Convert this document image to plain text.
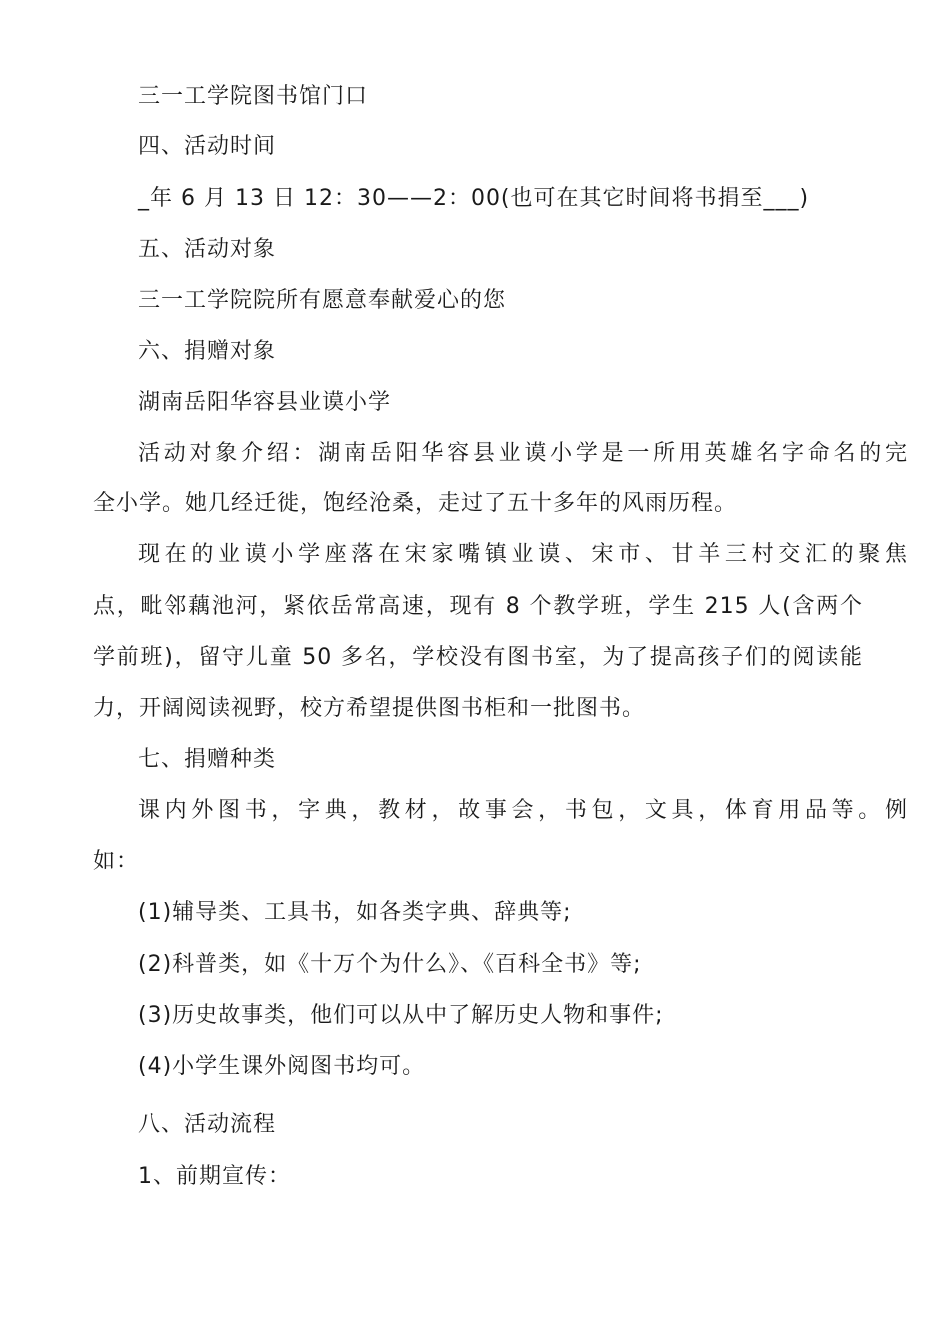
三一工学院图书馆门口
四、活动时间
_年 6 月 13 日 12：30——2：00(也可在其它时间将书捐至___)
五、活动对象
三一工学院院所有愿意奉献爱心的您
六、捐赠对象
湖南岳阳华容县业谟小学
活动对象介绍：湖南岳阳华容县业谟小学是一所用英雄名字命名的完
全小学。她几经迁徙，饱经沧桑，走过了五十多年的风雨历程。
现在的业谟小学座落在宋家嘴镇业谟、宋市、甘羊三村交汇的聚焦
点，毗邻藕池河，紧依岳常高速，现有 8 个教学班，学生 215 人(含两个
学前班)，留守儿童 50 多名，学校没有图书室，为了提高孩子们的阅读能
力，开阔阅读视野，校方希望提供图书柜和一批图书。
七、捐赠种类
课内外图书，字典，教材，故事会，书包，文具，体育用品等。例
如：
(1)辅导类、工具书，如各类字典、辞典等;
(2)科普类，如《十万个为什么》、《百科全书》等;
(3)历史故事类，他们可以从中了解历史人物和事件;
(4)小学生课外阅图书均可。
八、活动流程
1、前期宣传：
